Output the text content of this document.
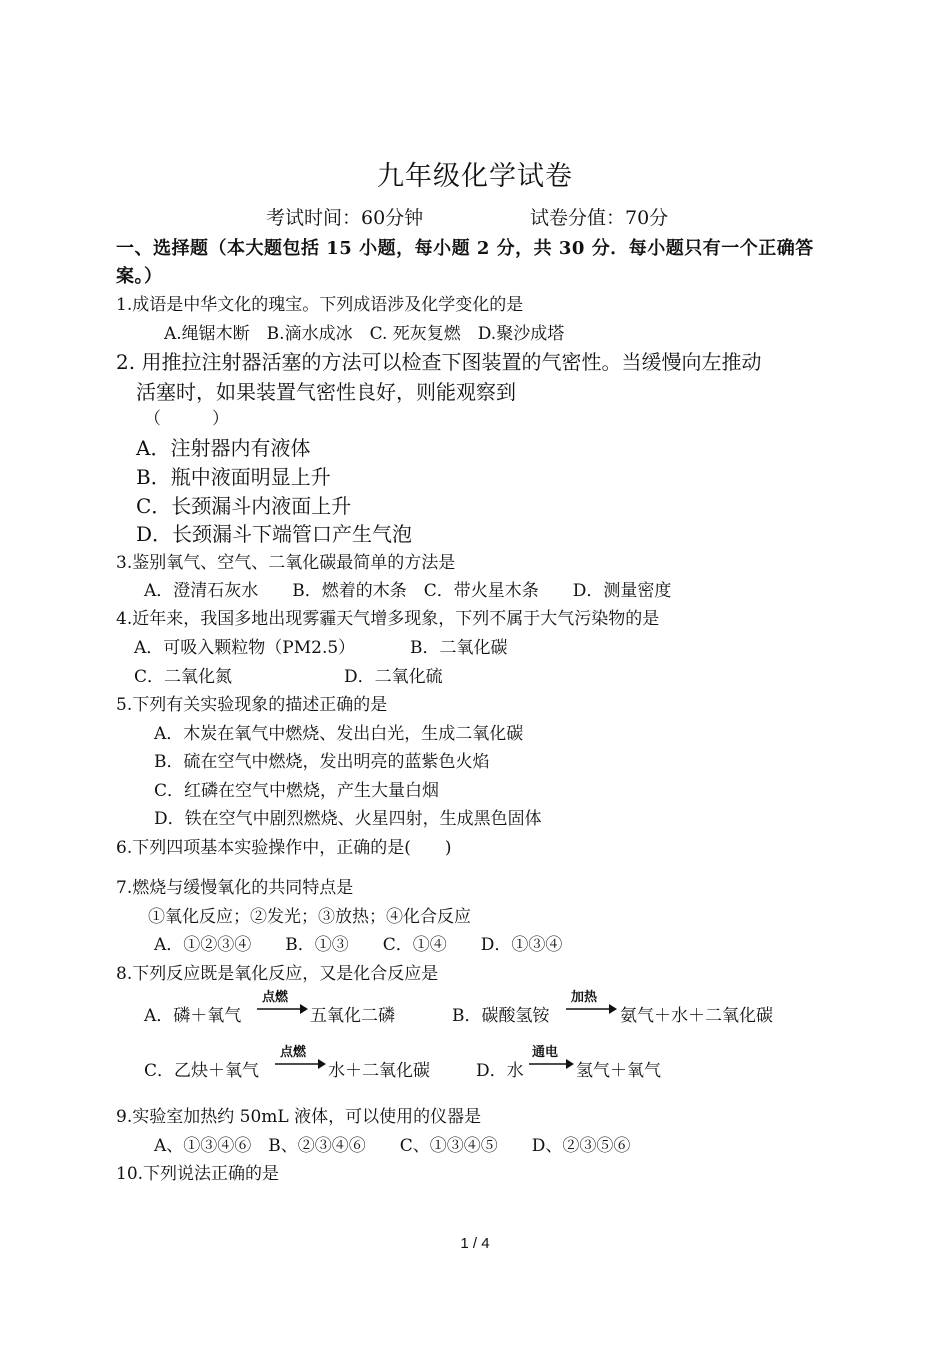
九年级化学试卷
考试时间：60分钟	试卷分值：70分
一、选择题（本大题包括 15 小题，每小题 2 分，共 30 分．每小题只有一个正确答
案。）
1.成语是中华文化的瑰宝。下列成语涉及化学变化的是
A.绳锯木断　B.滴水成冰　C. 死灰复燃　D.聚沙成塔
2. 用推拉注射器活塞的方法可以检查下图装置的气密性。当缓慢向左推动
活塞时，如果装置气密性良好，则能观察到
（　　　）
A．注射器内有液体
B．瓶中液面明显上升
C．长颈漏斗内液面上升
D．长颈漏斗下端管口产生气泡
3.鉴别氧气、空气、二氧化碳最简单的方法是
A．澄清石灰水　　B．燃着的木条　C．带火星木条　　D．测量密度
4.近年来，我国多地出现雾霾天气增多现象，下列不属于大气污染物的是
A．可吸入颗粒物（PM2.5）	B．二氧化碳
C．二氧化氮	D．二氧化硫
5.下列有关实验现象的描述正确的是
A．木炭在氧气中燃烧、发出白光，生成二氧化碳
B．硫在空气中燃烧，发出明亮的蓝紫色火焰
C．红磷在空气中燃烧，产生大量白烟
D．铁在空气中剧烈燃烧、火星四射，生成黑色固体
6.下列四项基本实验操作中，正确的是(　　)
7.燃烧与缓慢氧化的共同特点是
①氧化反应；②发光；③放热；④化合反应
A．①②③④　　B．①③　　C．①④　　D．①③④
8.下列反应既是氧化反应，又是化合反应是
A．磷＋氧气
点燃
五氧化二磷	B．碳酸氢铵
加热
氨气＋水＋二氧化碳
C．乙炔＋氧气
点燃
水＋二氧化碳	D．水
通电
氢气＋氧气
9.实验室加热约 50mL 液体，可以使用的仪器是
A、①③④⑥　B、②③④⑥　　C、①③④⑤　　D、②③⑤⑥
10.下列说法正确的是
1 / 4
